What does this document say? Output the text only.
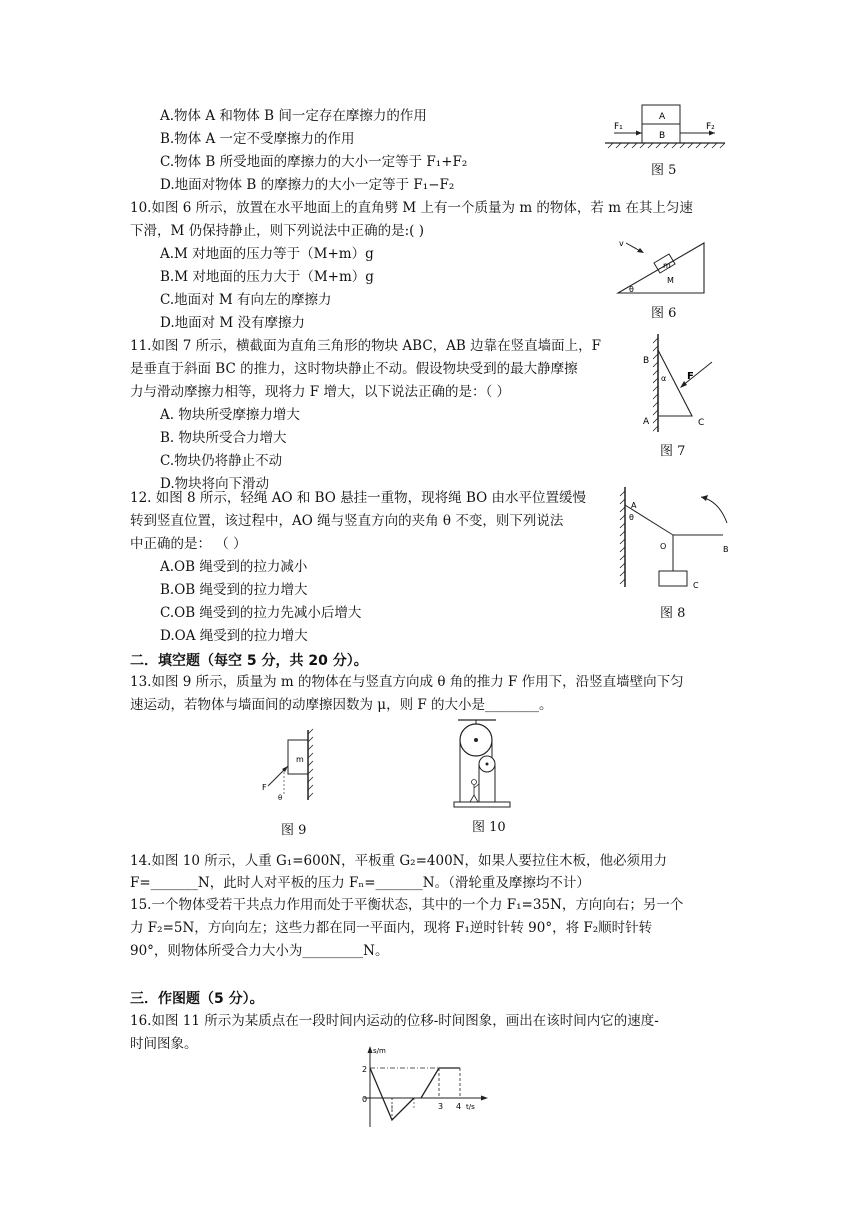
A.物体 A 和物体 B 间一定存在摩擦力的作用
B.物体 A 一定不受摩擦力的作用
C.物体 B 所受地面的摩擦力的大小一定等于 F₁+F₂
D.地面对物体 B 的摩擦力的大小一定等于 F₁−F₂
A
B
F₁	F₂
图 5
10.如图 6 所示，放置在水平地面上的直角劈 M 上有一个质量为 m 的物体，若 m 在其上匀速
下滑，M 仍保持静止，则下列说法中正确的是:( )
A.M 对地面的压力等于（M+m）g
B.M 对地面的压力大于（M+m）g
C.地面对 M 有向左的摩擦力
D.地面对 M 没有摩擦力
v
m
M
θ
图 6
11.如图 7 所示，横截面为直角三角形的物块 ABC，AB 边靠在竖直墙面上，F
是垂直于斜面 BC 的推力，这时物块静止不动。假设物块受到的最大静摩擦
力与滑动摩擦力相等，现将力 F 增大，以下说法正确的是：（ ）
A. 物块所受摩擦力增大
B. 物块所受合力增大
C.物块仍将静止不动
D.物块将向下滑动
B
A	C
F
α
图 7
12. 如图 8 所示，轻绳 AO 和 BO 悬挂一重物，现将绳 BO 由水平位置缓慢
转到竖直位置，该过程中，AO 绳与竖直方向的夹角 θ 不变，则下列说法
中正确的是： （ ）
A.OB 绳受到的拉力减小
B.OB 绳受到的拉力增大
C.OB 绳受到的拉力先减小后增大
D.OA 绳受到的拉力增大
A
θ
O	B
C
图 8
二．填空题（每空 5 分，共 20 分）。
13.如图 9 所示，质量为 m 的物体在与竖直方向成 θ 角的推力 F 作用下，沿竖直墙壁向下匀
速运动，若物体与墙面间的动摩擦因数为 μ，则 F 的大小是________。
m
F
θ
图 9	图 10
14.如图 10 所示，人重 G₁=600N，平板重 G₂=400N，如果人要拉住木板，他必须用力
F=_______N，此时人对平板的压力 Fₙ=_______N。（滑轮重及摩擦均不计）
15.一个物体受若干共点力作用而处于平衡状态，其中的一个力 F₁=35N，方向向右；另一个
力 F₂=5N，方向向左；这些力都在同一平面内，现将 F₁逆时针转 90°，将 F₂顺时针转
90°，则物体所受合力大小为_________N。
三．作图题（5 分）。
16.如图 11 所示为某质点在一段时间内运动的位移-时间图象，画出在该时间内它的速度-
时间图象。	s/m
2
0
3 4 t/s
